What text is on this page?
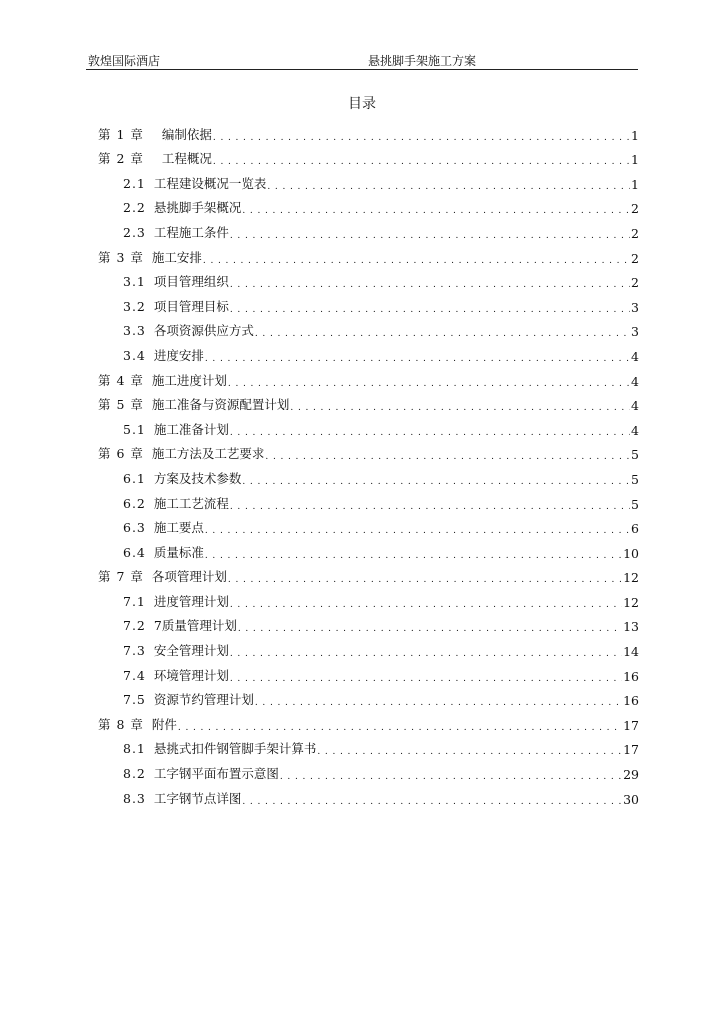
敦煌国际酒店	悬挑脚手架施工方案
目录
第 1 章 编制依据 . . .	1
第 2 章 工程概况 . . .	1
2.1 工程建设概况一览表 . . .	1
2.2 悬挑脚手架概况 . . .	2
2.3 工程施工条件 . . .	2
第 3 章 施工安排 . . .	2
3.1 项目管理组织 . . .	2
3.2 项目管理目标 . . .	3
3.3 各项资源供应方式 . . .	3
3.4 进度安排 . . .	4
第 4 章 施工进度计划 . . .	4
第 5 章 施工准备与资源配置计划 . . .	4
5.1 施工准备计划 . . .	4
第 6 章 施工方法及工艺要求 . . .	5
6.1 方案及技术参数 . . .	5
6.2 施工工艺流程 . . .	5
6.3 施工要点 . . .	6
6.4 质量标准 . . .	10
第 7 章 各项管理计划 . . .	12
7.1 进度管理计划 . . .	12
7.2 7质量管理计划 . . .	13
7.3 安全管理计划 . . .	14
7.4 环境管理计划 . . .	16
7.5 资源节约管理计划 . . .	16
第 8 章 附件 . . .	17
8.1 悬挑式扣件钢管脚手架计算书 . . .	17
8.2 工字钢平面布置示意图 . . .	29
8.3 工字钢节点详图 . . .	30
